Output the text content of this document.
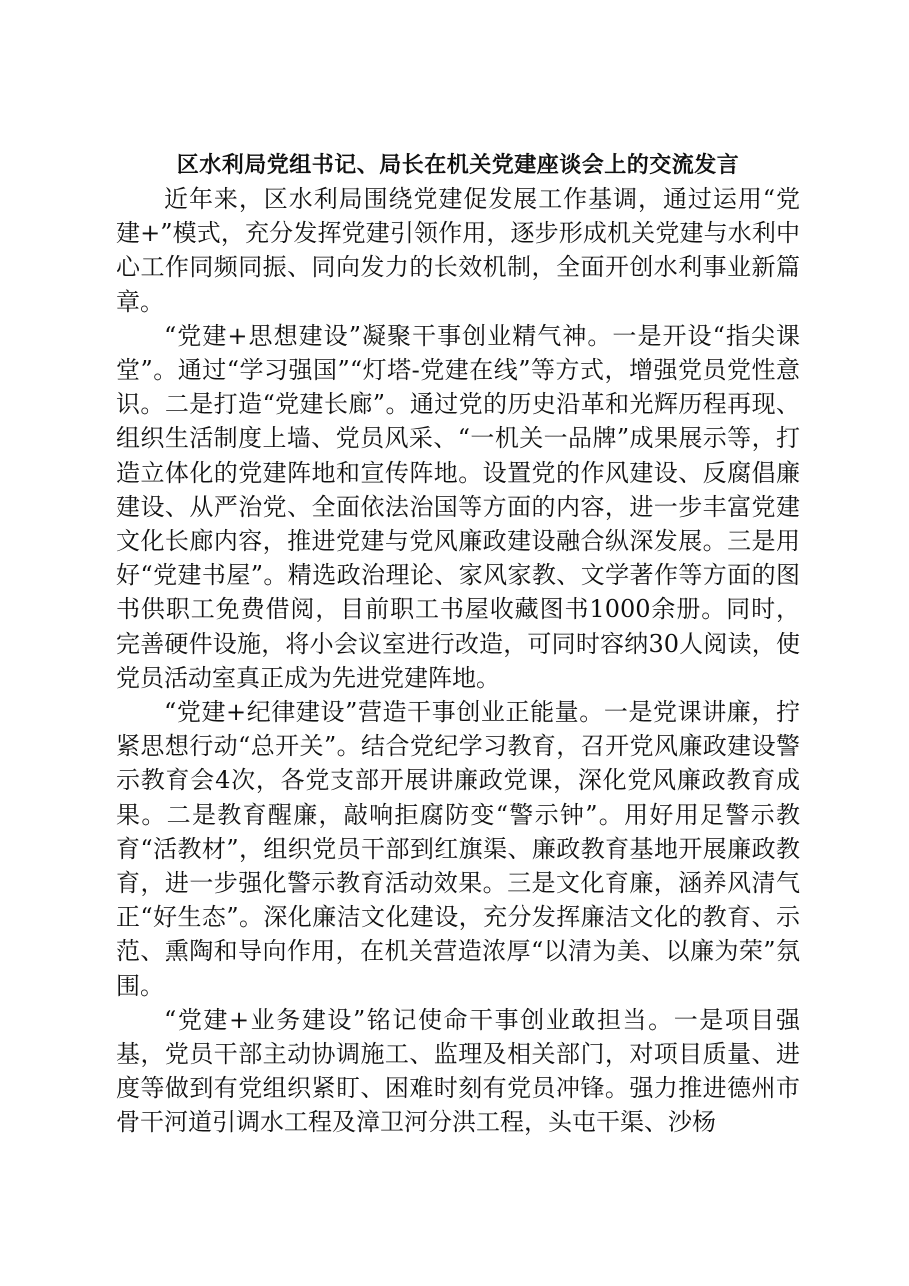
区水利局党组书记、局长在机关党建座谈会上的交流发言

近年来，区水利局围绕党建促发展工作基调，通过运用“党建+”模式，充分发挥党建引领作用，逐步形成机关党建与水利中心工作同频同振、同向发力的长效机制，全面开创水利事业新篇章。

“党建+思想建设”凝聚干事创业精气神。一是开设“指尖课堂”。通过“学习强国”“灯塔-党建在线”等方式，增强党员党性意识。二是打造“党建长廊”。通过党的历史沿革和光辉历程再现、组织生活制度上墙、党员风采、“一机关一品牌”成果展示等，打造立体化的党建阵地和宣传阵地。设置党的作风建设、反腐倡廉建设、从严治党、全面依法治国等方面的内容，进一步丰富党建文化长廊内容，推进党建与党风廉政建设融合纵深发展。三是用好“党建书屋”。精选政治理论、家风家教、文学著作等方面的图书供职工免费借阅，目前职工书屋收藏图书1000余册。同时，完善硬件设施，将小会议室进行改造，可同时容纳30人阅读，使党员活动室真正成为先进党建阵地。

“党建+纪律建设”营造干事创业正能量。一是党课讲廉，拧紧思想行动“总开关”。结合党纪学习教育，召开党风廉政建设警示教育会4次，各党支部开展讲廉政党课，深化党风廉政教育成果。二是教育醒廉，敲响拒腐防变“警示钟”。用好用足警示教育“活教材”，组织党员干部到红旗渠、廉政教育基地开展廉政教育，进一步强化警示教育活动效果。三是文化育廉，涵养风清气正“好生态”。深化廉洁文化建设，充分发挥廉洁文化的教育、示范、熏陶和导向作用，在机关营造浓厚“以清为美、以廉为荣”氛围。

“党建+业务建设”铭记使命干事创业敢担当。一是项目强基，党员干部主动协调施工、监理及相关部门，对项目质量、进度等做到有党组织紧盯、困难时刻有党员冲锋。强力推进德州市骨干河道引调水工程及漳卫河分洪工程，头屯干渠、沙杨
